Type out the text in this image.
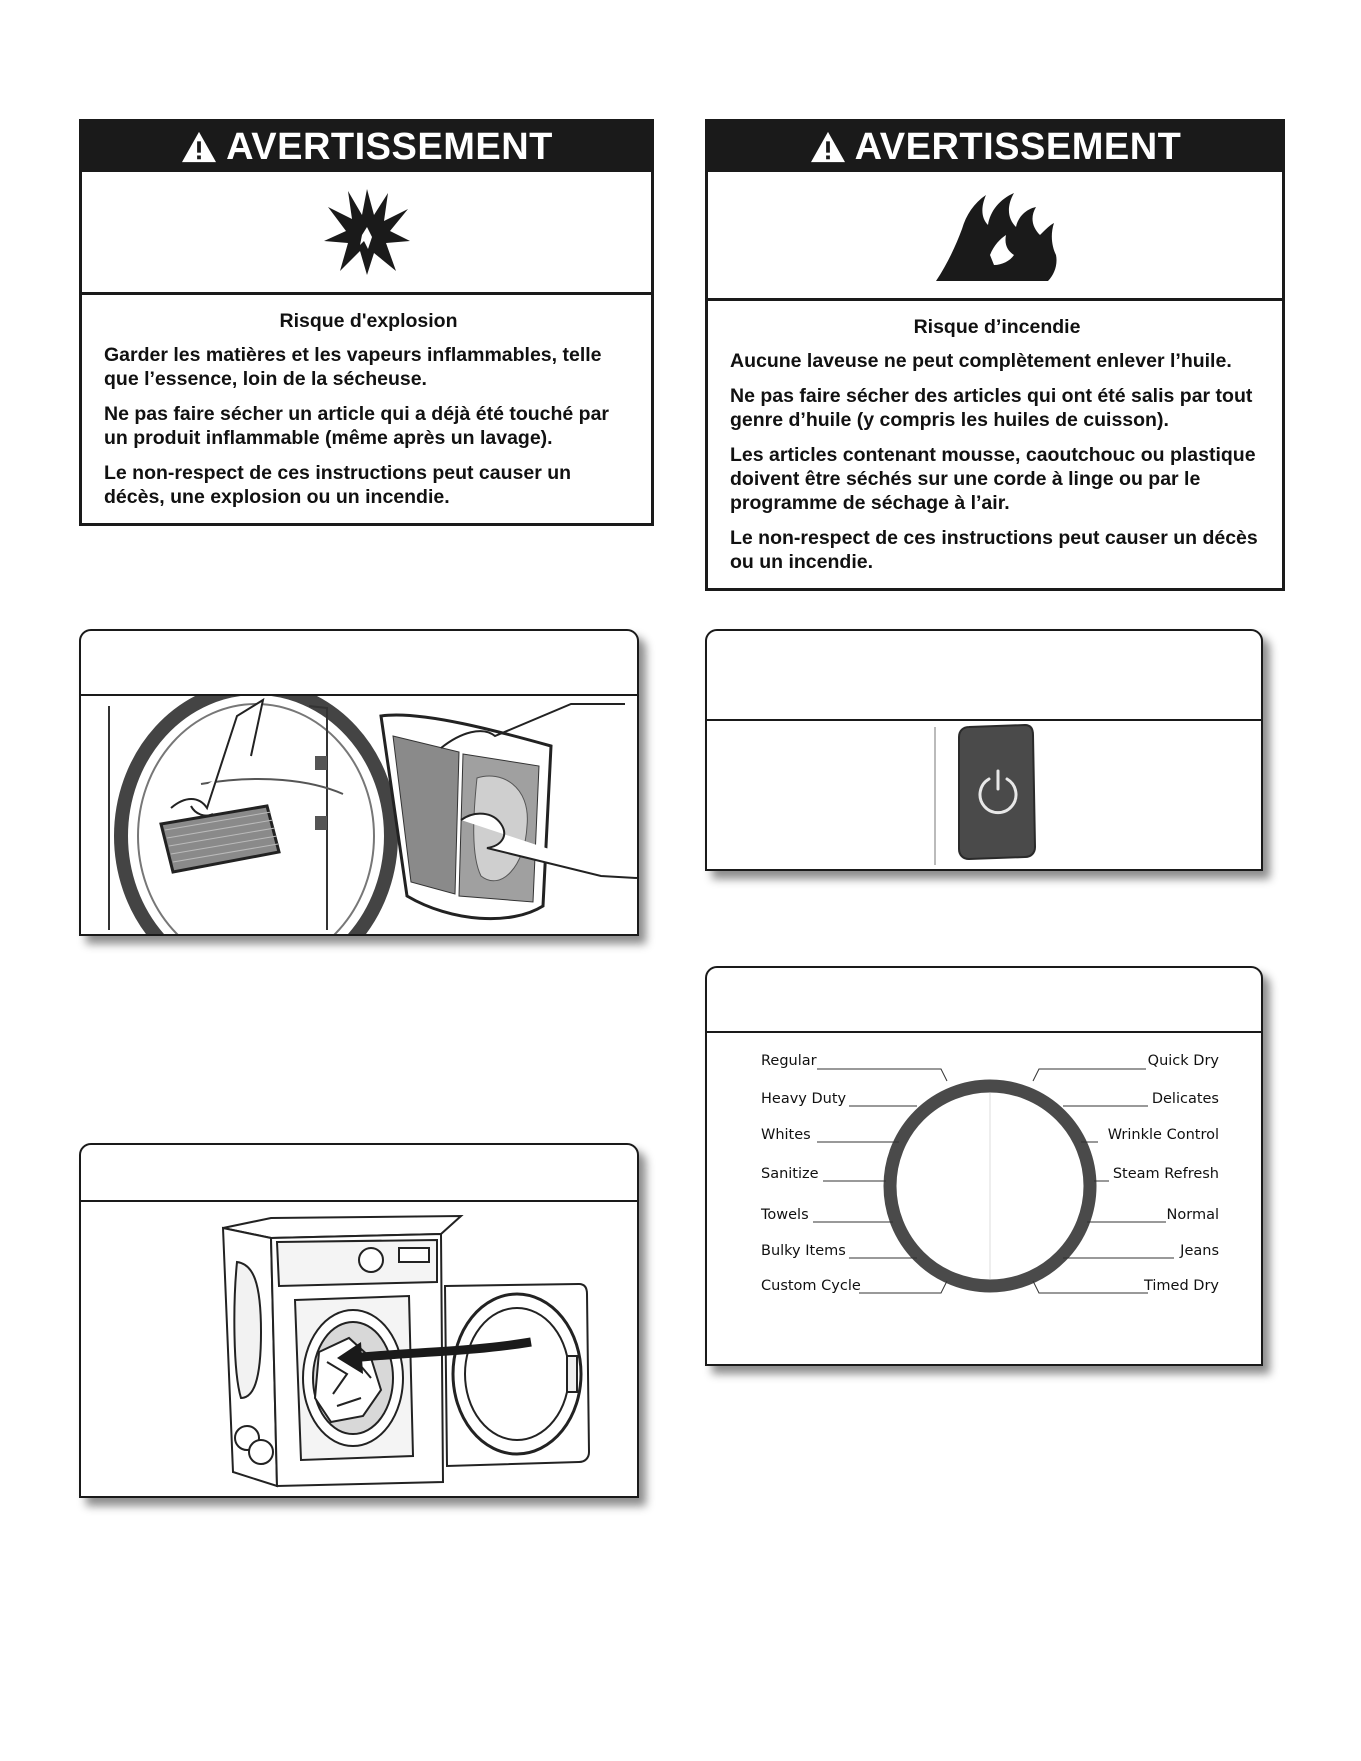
AVERTISSEMENT
Risque d'explosion

Garder les matières et les vapeurs inflammables, telle que l’essence, loin de la sécheuse.

Ne pas faire sécher un article qui a déjà été touché par un produit inflammable (même après un lavage).

Le non-respect de ces instructions peut causer un décès, une explosion ou un incendie.

AVERTISSEMENT
Risque d’incendie

Aucune laveuse ne peut complètement enlever l’huile.

Ne pas faire sécher des articles qui ont été salis par tout genre d’huile (y compris les huiles de cuisson).

Les articles contenant mousse, caoutchouc ou plastique doivent être séchés sur une corde à linge ou par le programme de séchage à l’air.

Le non-respect de ces instructions peut causer un décès ou un incendie.

Regular
Heavy Duty
Whites
Sanitize
Towels
Bulky Items
Custom Cycle
Quick Dry
Delicates
Wrinkle Control
Steam Refresh
Normal
Jeans
Timed Dry
